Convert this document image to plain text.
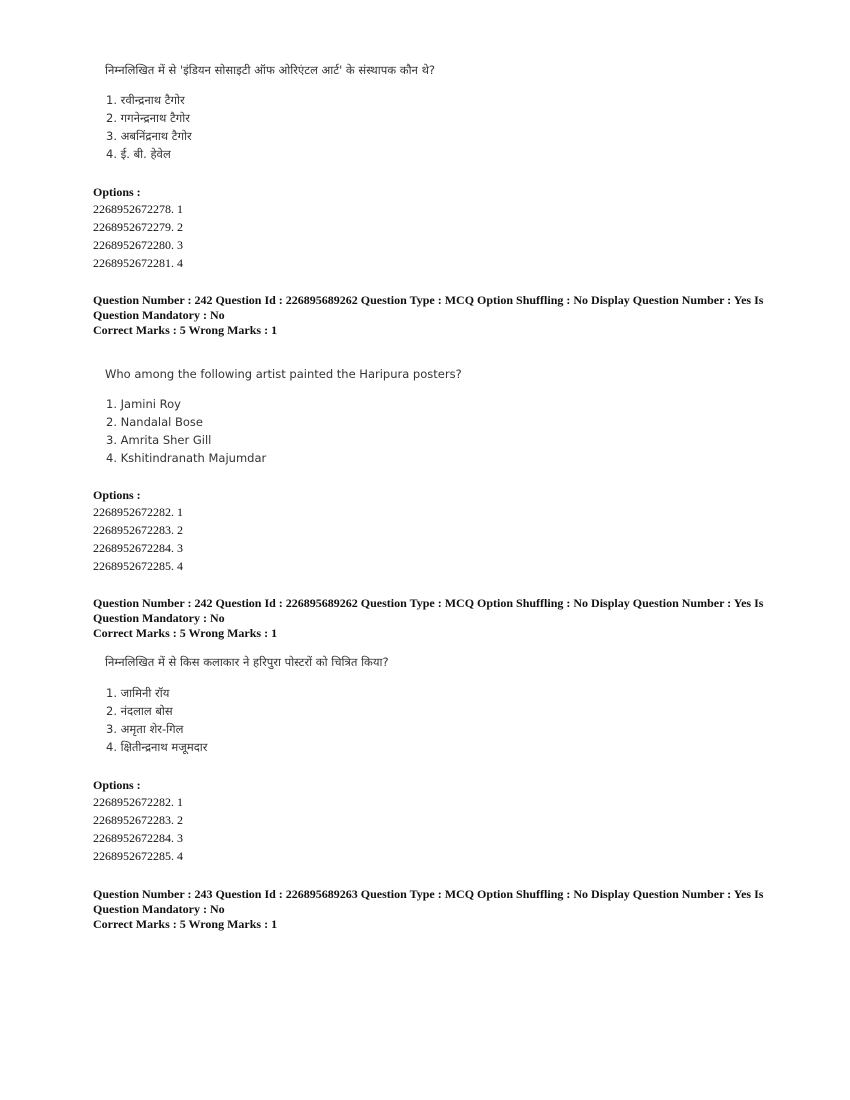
निम्नलिखित में से 'इंडियन सोसाइटी ऑफ ओरिएंटल आर्ट' के संस्थापक कौन थे?
1. रवीन्द्रनाथ टैगोर
2. गगनेन्द्रनाथ टैगोर
3. अबनिंद्रनाथ टैगोर
4. ई. बी. हेवेल
Options :
2268952672278. 1
2268952672279. 2
2268952672280. 3
2268952672281. 4
Question Number : 242 Question Id : 226895689262 Question Type : MCQ Option Shuffling : No Display Question Number : Yes Is
Question Mandatory : No
Correct Marks : 5 Wrong Marks : 1
Who among the following artist painted the Haripura posters?
1. Jamini Roy
2. Nandalal Bose
3. Amrita Sher Gill
4. Kshitindranath Majumdar
Options :
2268952672282. 1
2268952672283. 2
2268952672284. 3
2268952672285. 4
Question Number : 242 Question Id : 226895689262 Question Type : MCQ Option Shuffling : No Display Question Number : Yes Is
Question Mandatory : No
Correct Marks : 5 Wrong Marks : 1
निम्नलिखित में से किस कलाकार ने हरिपुरा पोस्टरों को चित्रित किया?
1. जामिनी रॉय
2. नंदलाल बोस
3. अमृता शेर-गिल
4. क्षितीन्द्रनाथ मजूमदार
Options :
2268952672282. 1
2268952672283. 2
2268952672284. 3
2268952672285. 4
Question Number : 243 Question Id : 226895689263 Question Type : MCQ Option Shuffling : No Display Question Number : Yes Is
Question Mandatory : No
Correct Marks : 5 Wrong Marks : 1
